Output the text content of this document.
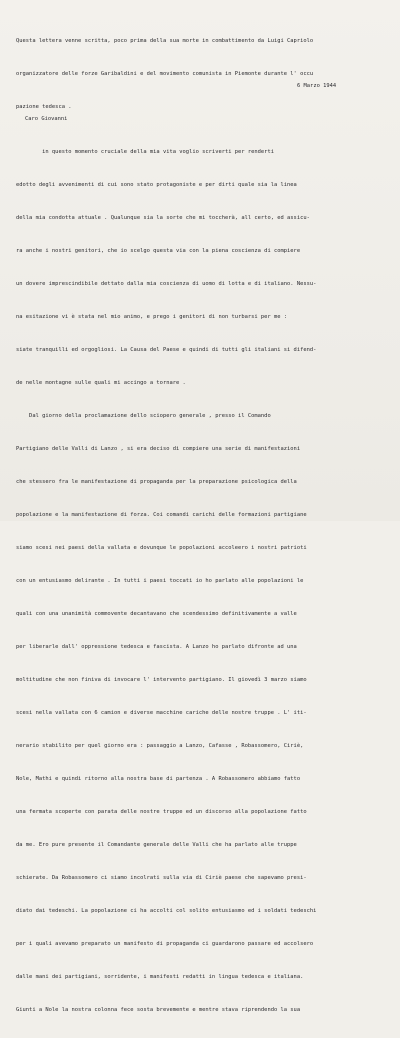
Questa lettera venne scritta, poco prima della sua morte in combattimento da Luigi Capriolo

organizzatore delle forze Garibaldini e del movimento comunista in Piemonte durante l' occu

pazione tedesca .

6 Marzo 1944
Caro Giovanni

in questo momento cruciale della mia vita voglio scriverti per renderti

edotto degli avvenimenti di cui sono stato protagoniste e per dirti quale sia la linea

della mia condotta attuale . Qualunque sia la sorte che mi toccherà, all certo, ed assicu-

ra anche i nostri genitori, che io scelgo questa via con la piena coscienza di compiere

un dovere imprescindibile dettato dalla mia coscienza di uomo di lotta e di italiano. Nessu-

na esitazione vi è stata nel mio animo, e prego i genitori di non turbarsi per me :

siate tranquilli ed orgogliosi. La Causa del Paese e quindi di tutti gli italiani si difend-

de nelle montagne sulle quali mi accingo a tornare .

Dal giorno della proclamazione dello sciopero generale , presso il Comando

Partigiano delle Valli di Lanzo , si era deciso di compiere una serie di manifestazioni

che stessero fra le manifestazione di propaganda per la preparazione psicologica della

popolazione e la manifestazione di forza. Coi comandi carichi delle formazioni partigiane

siamo scesi nei paesi della vallata e dovunque le popolazioni accoleero i nostri patrioti

con un entusiasmo delirante . In tutti i paesi toccati io ho parlato alle popolazioni le

quali con una unanimità commovente decantavano che scendessimo definitivamente a valle

per liberarle dall' oppressione tedesca e fascista. A Lanzo ho parlato difronte ad una

moltitudine che non finiva di invocare l' intervento partigiano. Il giovedì 3 marzo siamo

scesi nella vallata con 6 camion e diverse macchine cariche delle nostre truppe . L' iti-

nerario stabilito per quel giorno era : passaggio a Lanzo, Cafasse , Robassomero, Ciriè,

Nole, Mathi e quindi ritorno alla nostra base di partenza . A Robassomero abbiamo fatto

una fermata scoperte con parata delle nostre truppe ed un discorso alla popolazione fatto

da me. Ero pure presente il Comandante generale delle Valli che ha parlato alle truppe

schierate. Da Robassomero ci siamo incolrati sulla via di Ciriè paese che sapevamo presi-

diato dai tedeschi. La popolazione ci ha accolti col solito entusiasmo ed i soldati tedeschi

per i quali avevamo preparato un manifesto di propaganda ci guardarono passare ed accolsero

dalle mani dei partigiani, sorridente, i manifesti redatti in lingua tedesca e italiana.

Giunti a Nole la nostra colonna fece sosta brevemente e mentre stava riprendendo la sua
